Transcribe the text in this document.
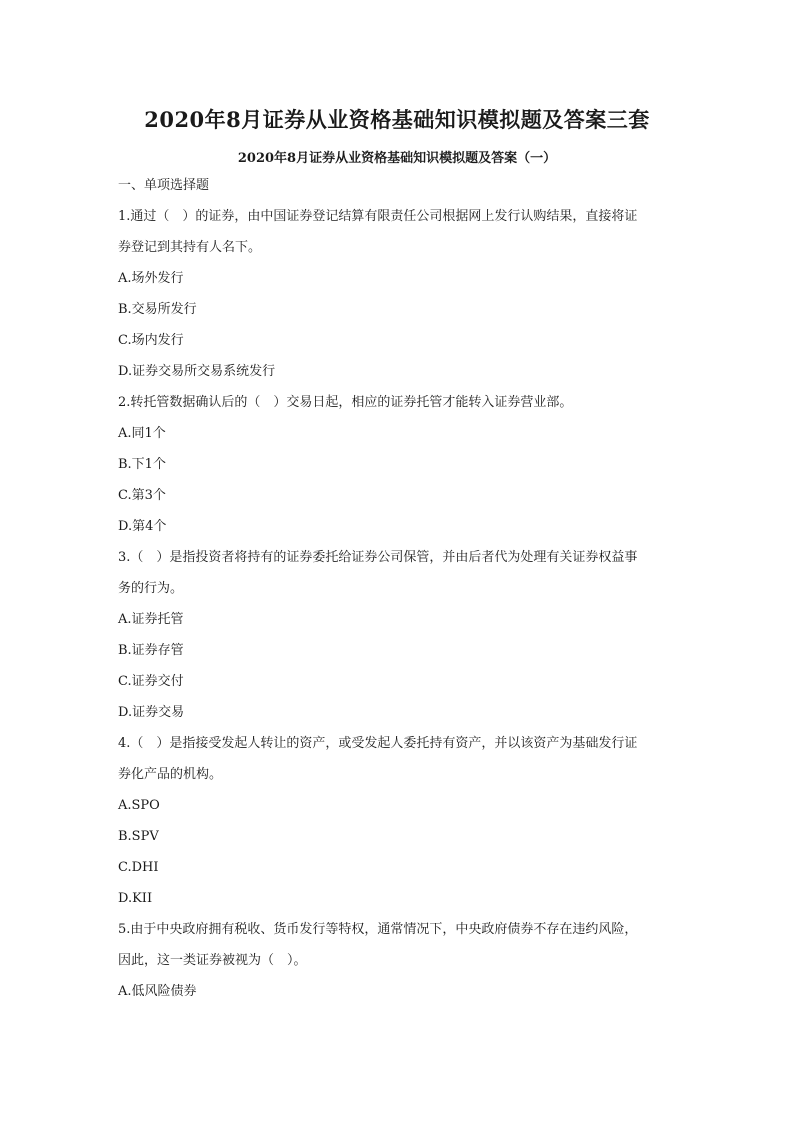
2020年8月证券从业资格基础知识模拟题及答案三套
2020年8月证券从业资格基础知识模拟题及答案（一）
一、单项选择题
1.通过（　）的证券，由中国证券登记结算有限责任公司根据网上发行认购结果，直接将证
券登记到其持有人名下。
A.场外发行
B.交易所发行
C.场内发行
D.证券交易所交易系统发行
2.转托管数据确认后的（　）交易日起，相应的证券托管才能转入证券营业部。
A.同1个
B.下1个
C.第3个
D.第4个
3.（　）是指投资者将持有的证券委托给证券公司保管，并由后者代为处理有关证券权益事
务的行为。
A.证券托管
B.证券存管
C.证券交付
D.证券交易
4.（　）是指接受发起人转让的资产，或受发起人委托持有资产，并以该资产为基础发行证
券化产品的机构。
A.SPO
B.SPV
C.DHI
D.KII
5.由于中央政府拥有税收、货币发行等特权，通常情况下，中央政府债券不存在违约风险，
因此，这一类证券被视为（　）。
A.低风险债券
